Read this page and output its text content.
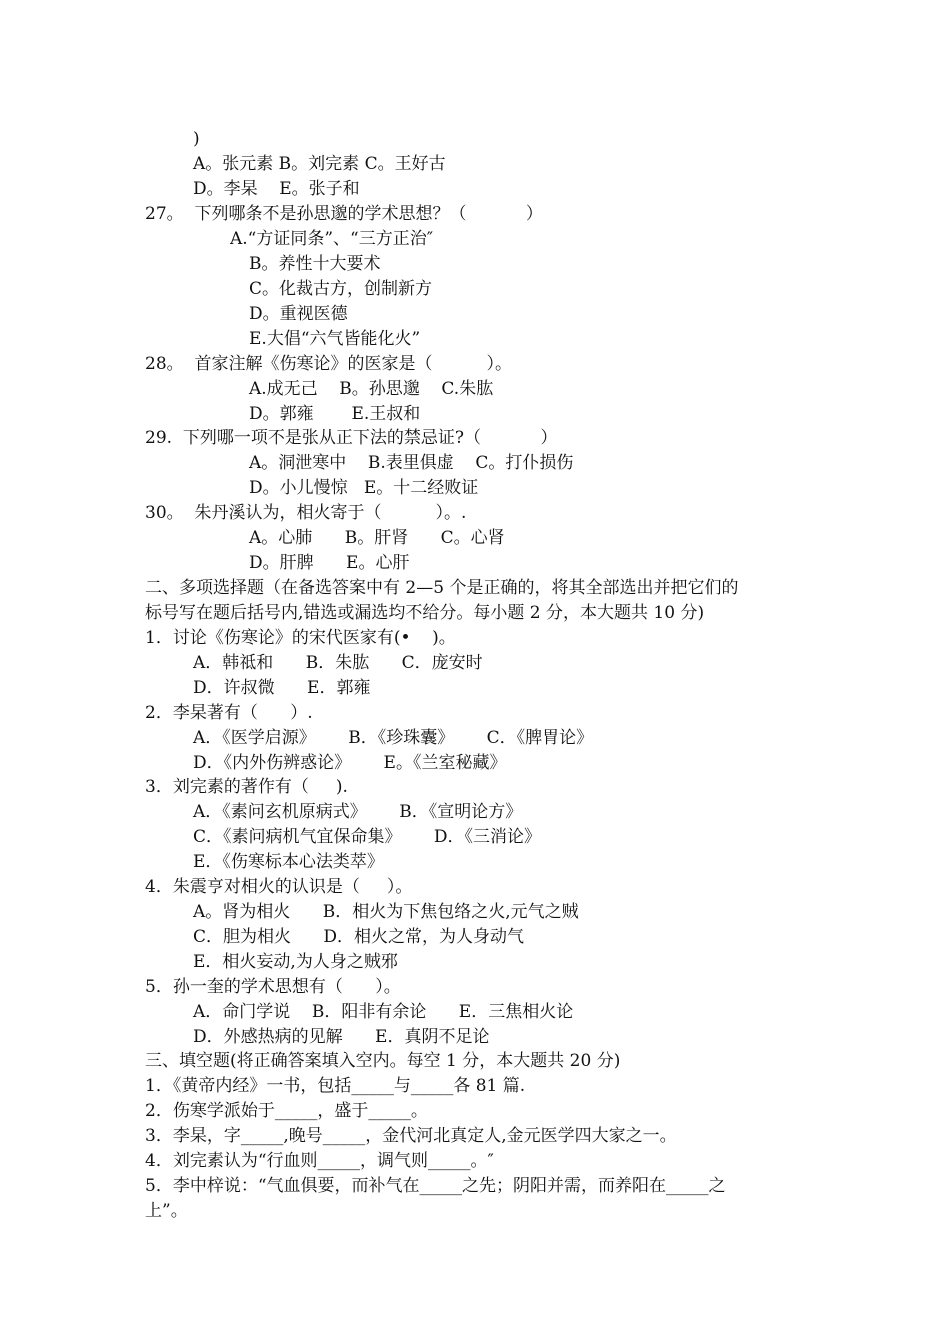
)
A。张元素 B。刘完素 C。王好古
D。李杲    E。张子和
27。  下列哪条不是孙思邈的学术思想？（           ）
A.“方证同条”、“三方正治″
B。养性十大要术
C。化裁古方，创制新方
D。重视医德
E.大倡“六气皆能化火”
28。  首家注解《伤寒论》的医家是（          ）。
A.成无己    B。孙思邈    C.朱肱
D。郭雍       E.王叔和
29.  下列哪一项不是张从正下法的禁忌证?（           ）
A。洞泄寒中    B.表里俱虚    C。打仆损伤
D。小儿慢惊   E。十二经败证
30。  朱丹溪认为，相火寄于（          ）。.
A。心肺      B。肝肾      C。心肾
D。肝脾      E。心肝
二、多项选择题（在备选答案中有 2—5 个是正确的，将其全部选出并把它们的
标号写在题后括号内,错选或漏选均不给分。每小题 2 分，本大题共 10 分)
1．讨论《伤寒论》的宋代医家有(•    )。
A．韩祗和      B．朱肱      C．庞安时
D．许叔微      E．郭雍
2．李杲著有（      ）.
A．《医学启源》      B．《珍珠囊》      C．《脾胃论》
D．《内外伤辨惑论》      E。《兰室秘藏》
3．刘完素的著作有（     ).
A．《素问玄机原病式》      B．《宣明论方》
C．《素问病机气宜保命集》      D．《三消论》
E．《伤寒标本心法类萃》
4．朱震亨对相火的认识是（     ）。
A。肾为相火      B．相火为下焦包络之火,元气之贼
C．胆为相火      D．相火之常，为人身动气
E．相火妄动,为人身之贼邪
5．孙一奎的学术思想有（      ）。
A．命门学说    B．阳非有余论      E．三焦相火论
D．外感热病的见解      E．真阴不足论
三、填空题(将正确答案填入空内。每空 1 分，本大题共 20 分)
1．《黄帝内经》一书，包括_____与_____各 81 篇.
2．伤寒学派始于_____，盛于_____。
3．李杲，字_____,晚号_____，金代河北真定人,金元医学四大家之一。
4．刘完素认为“行血则_____，调气则_____。″
5．李中梓说：“气血俱要，而补气在_____之先；阴阳并需，而养阳在_____之
上”。
